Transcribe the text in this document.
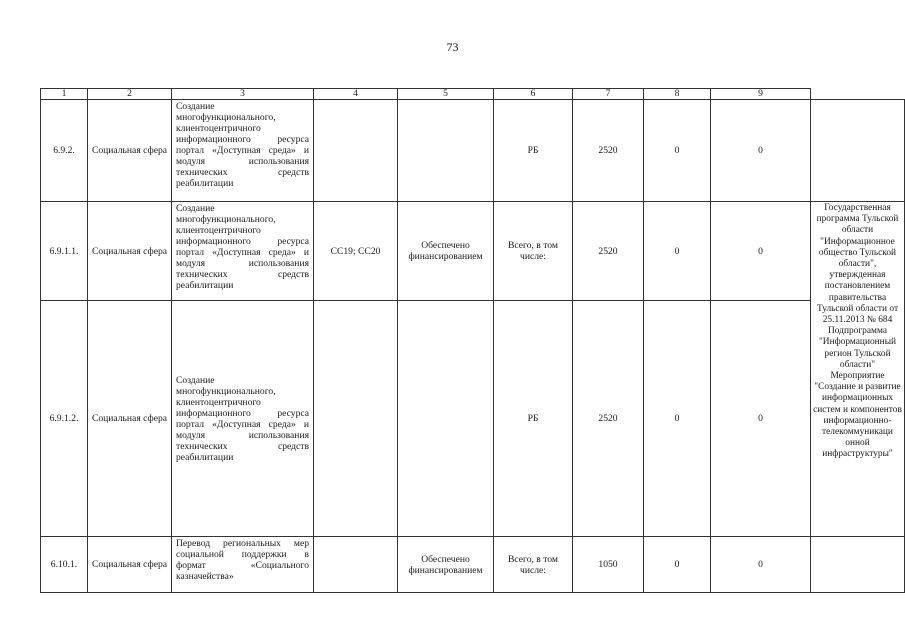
73
1	2	3	4	5	6	7	8	9	
6.9.2.	Социальная сфера	Создание многофункционального, клиентоцентричного информационного ресурса портал «Доступная среда» и модуля использования технических средств реабилитации			РБ	2520	0	0	
6.9.1.1.	Социальная сфера	Создание многофункционального, клиентоцентричного информационного ресурса портал «Доступная среда» и модуля использования технических средств реабилитации	СС19; СС20	Обеспечено финансированием	Всего, в том числе:	2520	0	0	Государственная программа Тульской области "Информационное общество Тульской области", утвержденная постановлением правительства Тульской области от 25.11.2013 № 684 Подпрограмма "Информационный регион Тульской области" Мероприятие "Создание и развитие информационных систем и компонентов информационно-телекоммуникаци онной инфраструктуры"
6.9.1.2.	Социальная сфера	Создание многофункционального, клиентоцентричного информационного ресурса портал «Доступная среда» и модуля использования технических средств реабилитации			РБ	2520	0	0	
6.10.1.	Социальная сфера	Перевод региональных мер социальной поддержки в формат «Социального казначейства»		Обеспечено финансированием	Всего, в том числе:	1050	0	0	
